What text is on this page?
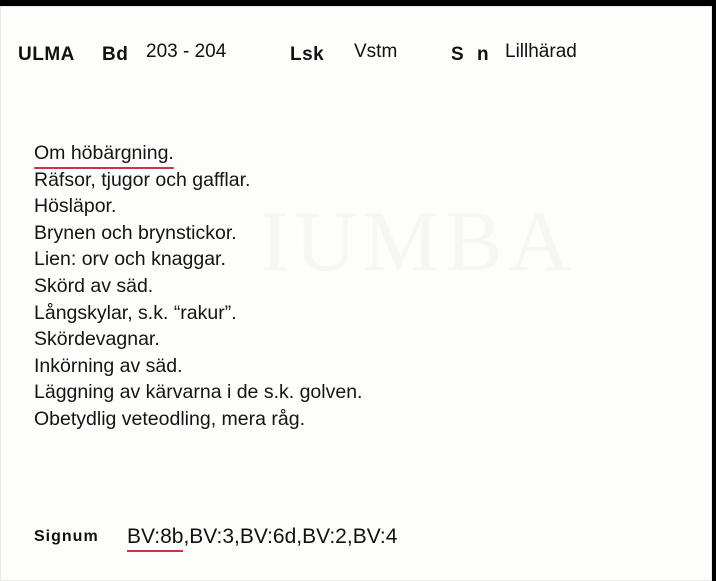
ULMA Bd 203 - 204	Lsk Vstm	S n Lillhärad
Om höbärgning.
Räfsor, tjugor och gafflar.
Hösläpor.
Brynen och brynstickor.
Lien: orv och knaggar.
Skörd av säd.
Långskylar, s.k. “rakur”.
Skördevagnar.
Inkörning av säd.
Läggning av kärvarna i de s.k. golven.
Obetydlig veteodling, mera råg.
Signum BV:8b,BV:3,BV:6d,BV:2,BV:4
